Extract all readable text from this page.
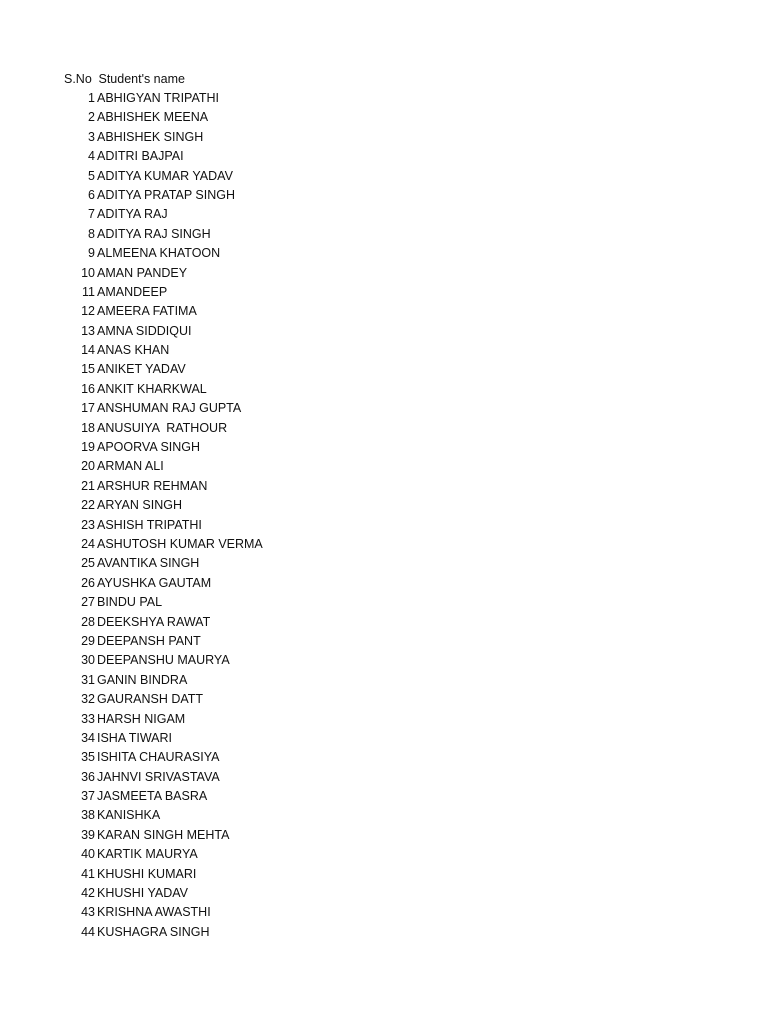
S.No Student's name
1 ABHIGYAN TRIPATHI
2 ABHISHEK MEENA
3 ABHISHEK SINGH
4 ADITRI BAJPAI
5 ADITYA KUMAR YADAV
6 ADITYA PRATAP SINGH
7 ADITYA RAJ
8 ADITYA RAJ SINGH
9 ALMEENA KHATOON
10 AMAN PANDEY
11 AMANDEEP
12 AMEERA FATIMA
13 AMNA SIDDIQUI
14 ANAS KHAN
15 ANIKET YADAV
16 ANKIT KHARKWAL
17 ANSHUMAN RAJ GUPTA
18 ANUSUIYA  RATHOUR
19 APOORVA SINGH
20 ARMAN ALI
21 ARSHUR REHMAN
22 ARYAN SINGH
23 ASHISH TRIPATHI
24 ASHUTOSH KUMAR VERMA
25 AVANTIKA SINGH
26 AYUSHKA GAUTAM
27 BINDU PAL
28 DEEKSHYA RAWAT
29 DEEPANSH PANT
30 DEEPANSHU MAURYA
31 GANIN BINDRA
32 GAURANSH DATT
33 HARSH NIGAM
34 ISHA TIWARI
35 ISHITA CHAURASIYA
36 JAHNVI SRIVASTAVA
37 JASMEETA BASRA
38 KANISHKA
39 KARAN SINGH MEHTA
40 KARTIK MAURYA
41 KHUSHI KUMARI
42 KHUSHI YADAV
43 KRISHNA AWASTHI
44 KUSHAGRA SINGH
